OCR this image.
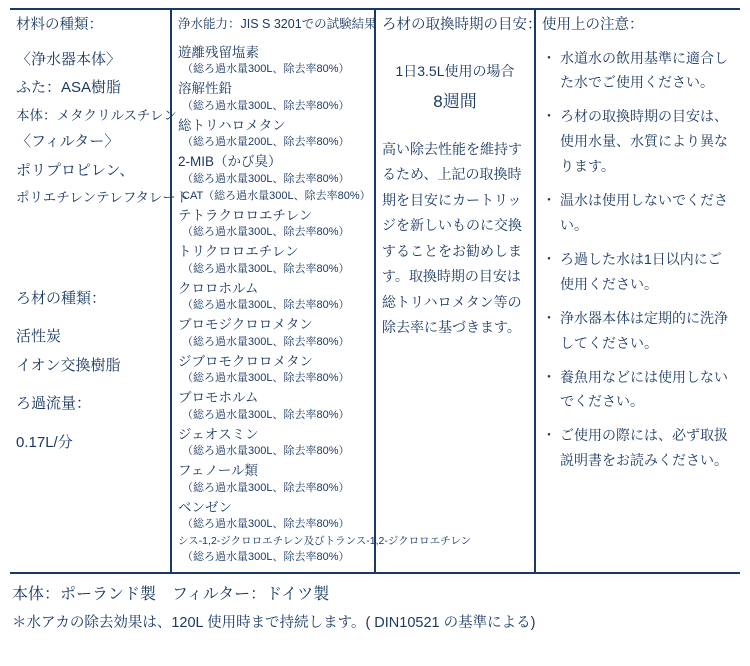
材料の種類：
〈浄水器本体〉
ふた：ASA樹脂
本体：メタクリルスチレン
〈フィルター〉
ポリプロピレン、
ポリエチレンテレフタレート
ろ材の種類：
活性炭
イオン交換樹脂
ろ過流量：
0.17L/分
浄水能力：JIS S 3201での試験結果
遊離残留塩素
（総ろ過水量300L、除去率80%）
溶解性鉛
（総ろ過水量300L、除去率80%）
総トリハロメタン
（総ろ過水量200L、除去率80%）
2-MIB（かび臭）
（総ろ過水量300L、除去率80%）
CAT（総ろ過水量300L、除去率80%）
テトラクロロエチレン
（総ろ過水量300L、除去率80%）
トリクロロエチレン
（総ろ過水量300L、除去率80%）
クロロホルム
（総ろ過水量300L、除去率80%）
ブロモジクロロメタン
（総ろ過水量300L、除去率80%）
ジブロモクロロメタン
（総ろ過水量300L、除去率80%）
ブロモホルム
（総ろ過水量300L、除去率80%）
ジェオスミン
（総ろ過水量300L、除去率80%）
フェノール類
（総ろ過水量300L、除去率80%）
ベンゼン
（総ろ過水量300L、除去率80%）
シス-1,2-ジクロロエチレン及びトランス-1,2-ジクロロエチレン
（総ろ過水量300L、除去率80%）
ろ材の取換時期の目安：
1日3.5L使用の場合
8週間
高い除去性能を維持するため、上記の取換時期を目安にカートリッジを新しいものに交換することをお勧めします。取換時期の目安は総トリハロメタン等の除去率に基づきます。
使用上の注意：
・ 水道水の飲用基準に適合した水でご使用ください。
・ ろ材の取換時期の目安は、使用水量、水質により異なります。
・ 温水は使用しないでください。
・ ろ過した水は1日以内にご使用ください。
・ 浄水器本体は定期的に洗浄してください。
・ 養魚用などには使用しないでください。
・ ご使用の際には、必ず取扱説明書をお読みください。
本体：ポーランド製　フィルター：ドイツ製
＊水アカの除去効果は、120L 使用時まで持続します。( DIN10521 の基準による)
